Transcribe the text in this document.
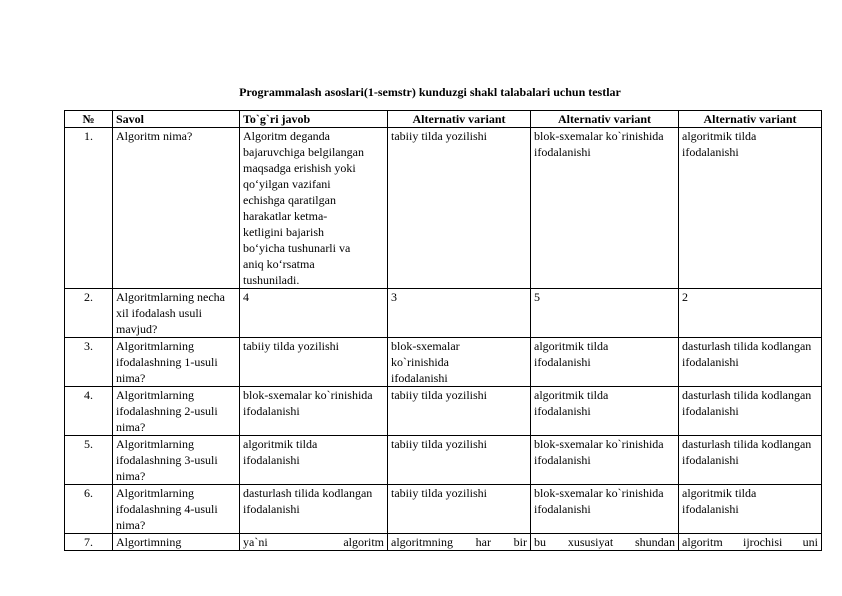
Programmalash asoslari(1-semstr) kunduzgi shakl talabalari uchun testlar
№	Savol	To`g`ri javob	Alternativ variant	Alternativ variant	Alternativ variant
1.	Algoritm nima?	Algoritm deganda bajaruvchiga belgilangan maqsadga erishish yoki qo‘yilgan vazifani echishga qaratilgan harakatlar ketma-ketligini bajarish bo‘yicha tushunarli va aniq ko‘rsatma tushuniladi.	tabiiy tilda yozilishi	blok-sxemalar ko`rinishida ifodalanishi	algoritmik tilda ifodalanishi
2.	Algoritmlarning necha xil ifodalash usuli mavjud?	4	3	5	2
3.	Algoritmlarning ifodalashning 1-usuli nima?	tabiiy tilda yozilishi	blok-sxemalar ko`rinishida ifodalanishi	algoritmik tilda ifodalanishi	dasturlash tilida kodlangan ifodalanishi
4.	Algoritmlarning ifodalashning 2-usuli nima?	blok-sxemalar ko`rinishida ifodalanishi	tabiiy tilda yozilishi	algoritmik tilda ifodalanishi	dasturlash tilida kodlangan ifodalanishi
5.	Algoritmlarning ifodalashning 3-usuli nima?	algoritmik tilda ifodalanishi	tabiiy tilda yozilishi	blok-sxemalar ko`rinishida ifodalanishi	dasturlash tilida kodlangan ifodalanishi
6.	Algoritmlarning ifodalashning 4-usuli nima?	dasturlash tilida kodlangan ifodalanishi	tabiiy tilda yozilishi	blok-sxemalar ko`rinishida ifodalanishi	algoritmik tilda ifodalanishi
7.	Algortimning	ya`ni algoritm	algoritmning har bir	bu xususiyat shundan	algoritm ijrochisi uni
